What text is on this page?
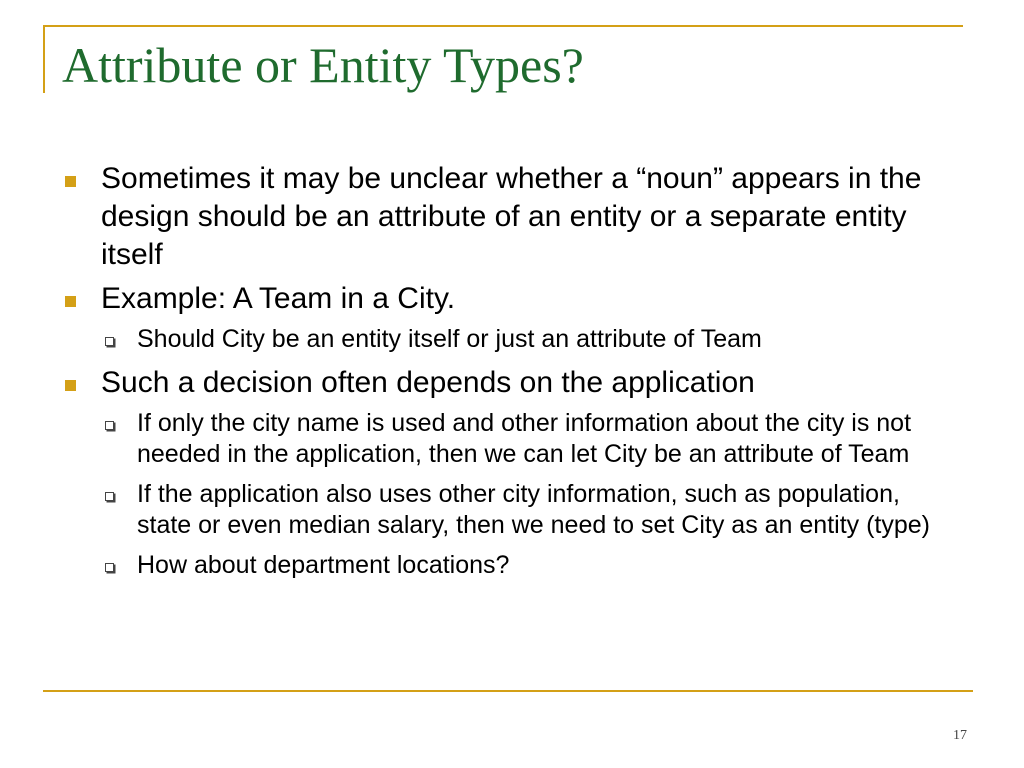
Attribute or Entity Types?
Sometimes it may be unclear whether a “noun” appears in the design should be an attribute of an entity or a separate entity itself
Example: A Team in a City.
Should City be an entity itself or just an attribute of Team
Such a decision often depends on the application
If only the city name is used and other information about the city is not needed in the application, then we can let City be an attribute of Team
If the application also uses other city information, such as population, state or even median salary, then we need to set City as an entity (type)
How about department locations?
17
